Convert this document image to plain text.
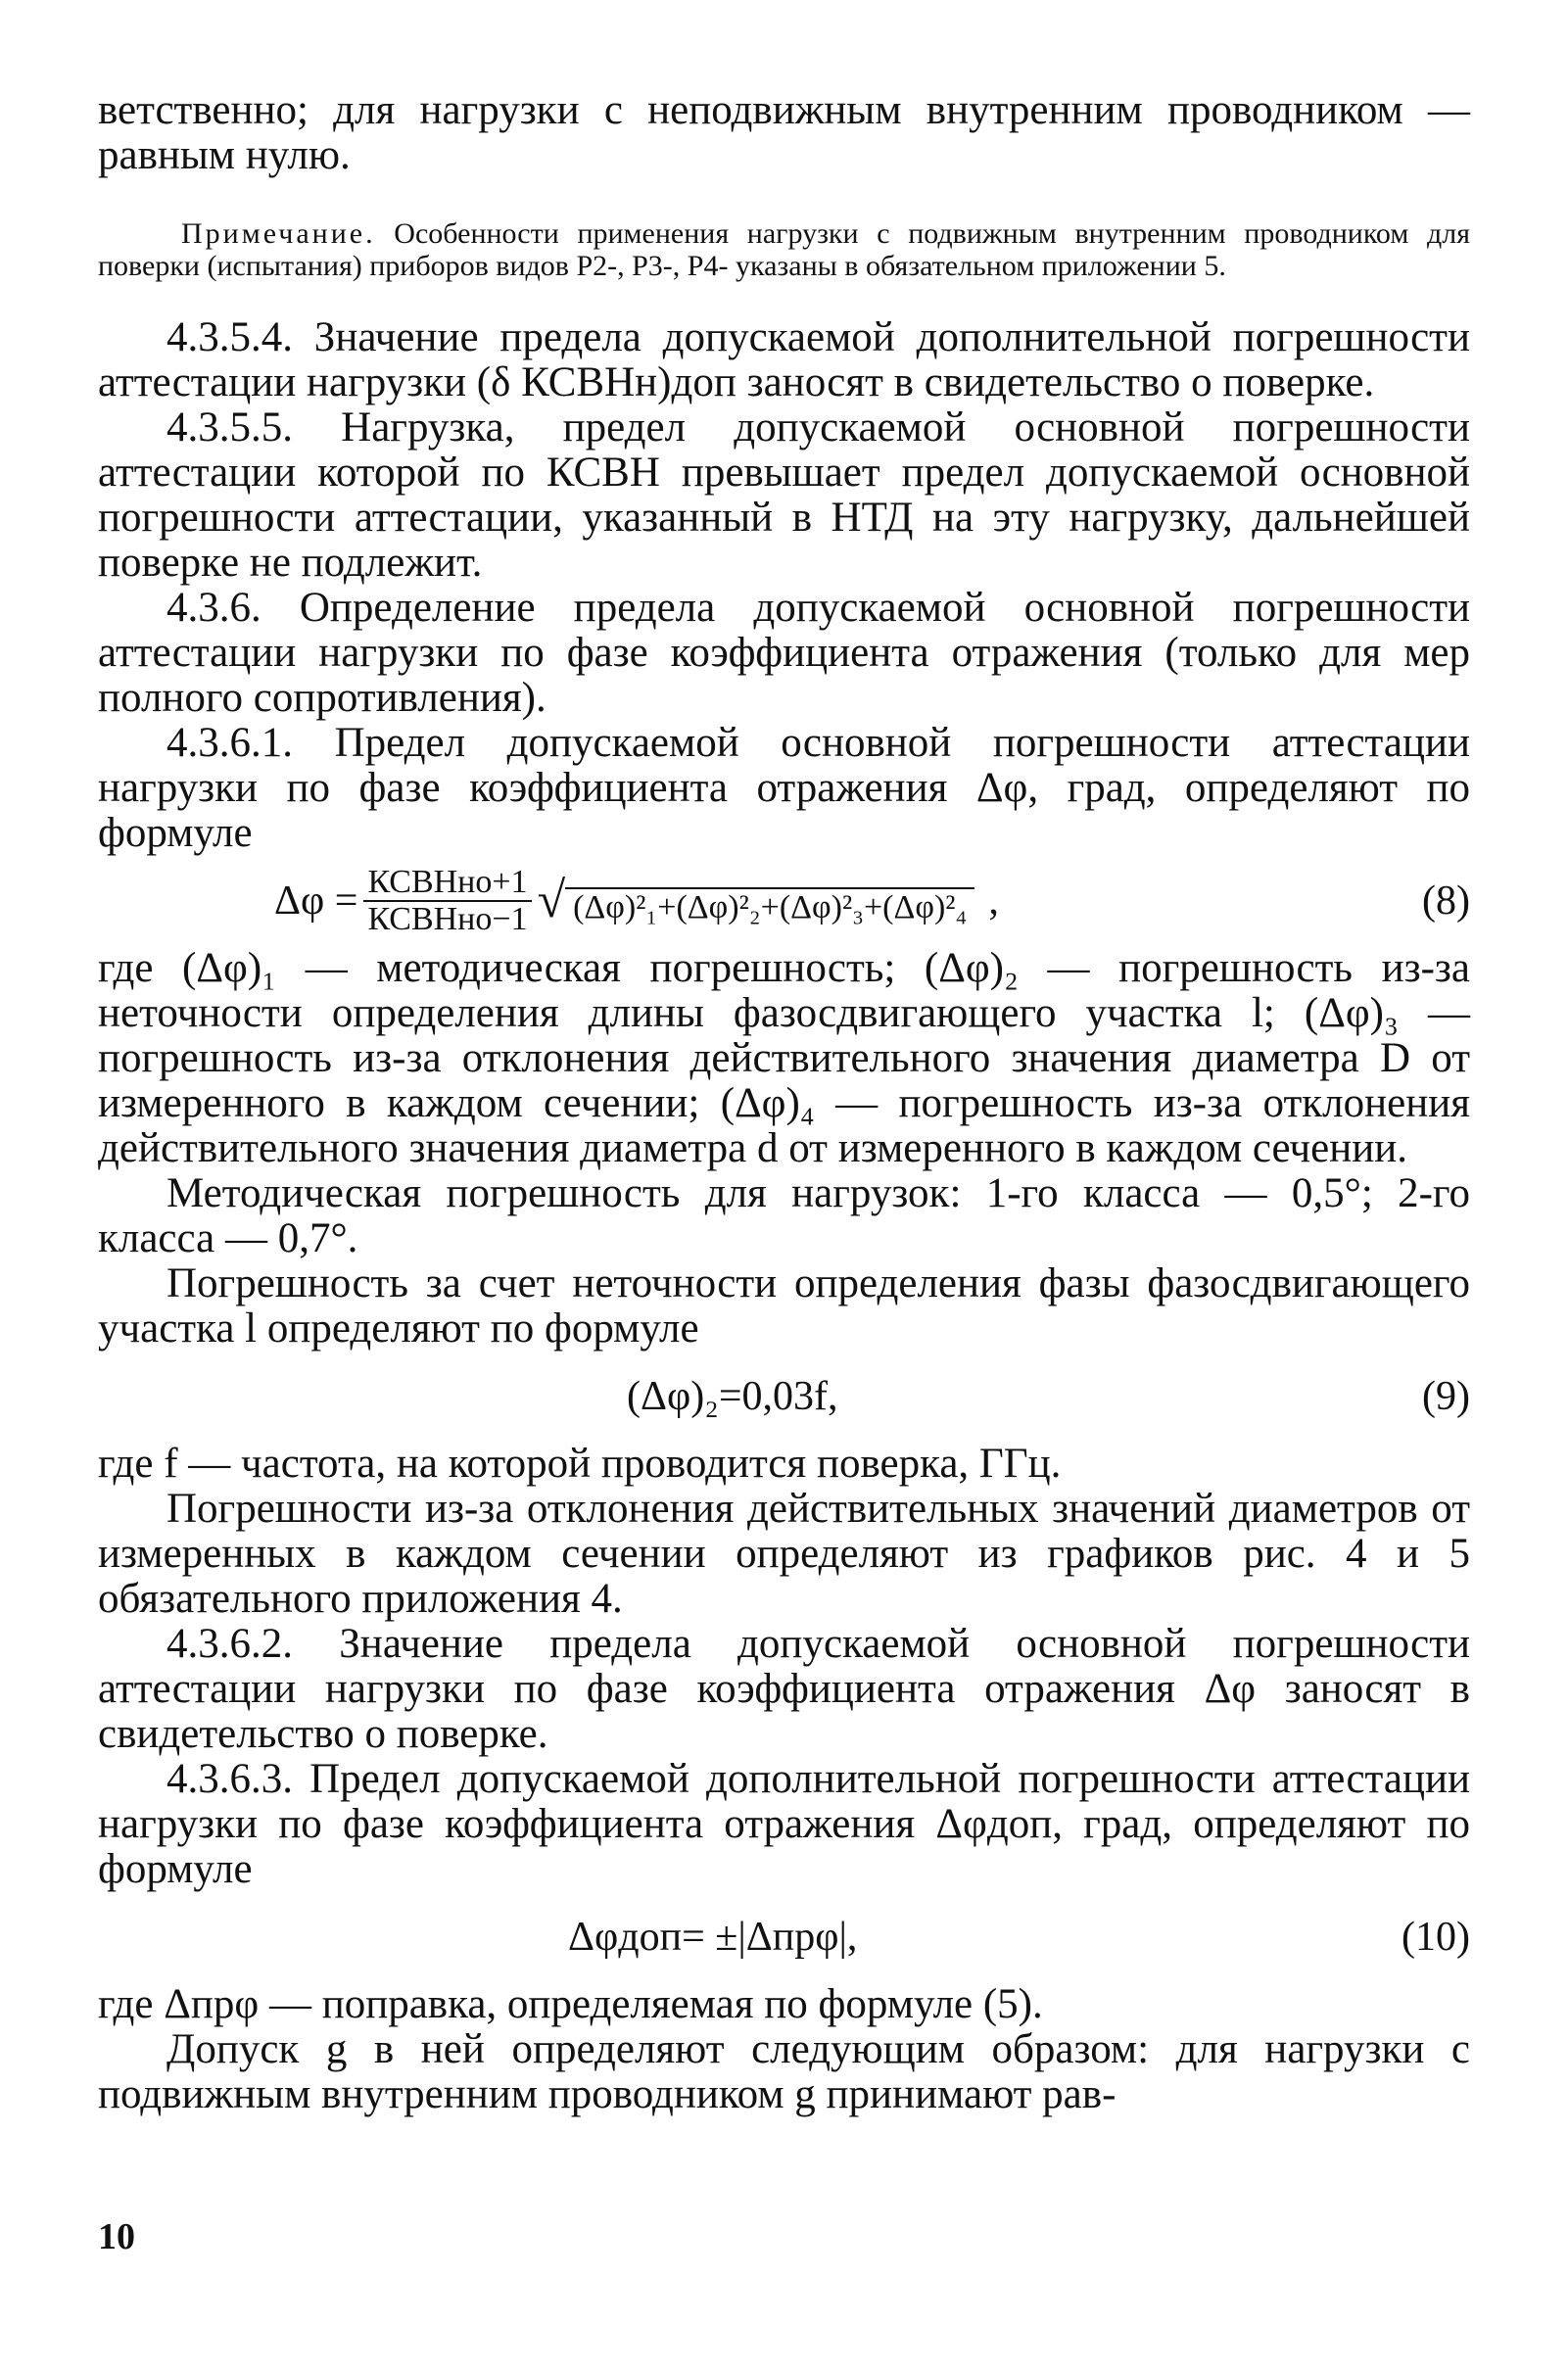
ветственно; для нагрузки с неподвижным внутренним проводником — равным нулю.

Примечание. Особенности применения нагрузки с подвижным внутренним проводником для поверки (испытания) приборов видов Р2-, Р3-, Р4- указаны в обязательном приложении 5.

4.3.5.4. Значение предела допускаемой дополнительной погрешности аттестации нагрузки (δ КСВНн)доп заносят в свидетельство о поверке.

4.3.5.5. Нагрузка, предел допускаемой основной погрешности аттестации которой по КСВН превышает предел допускаемой основной погрешности аттестации, указанный в НТД на эту нагрузку, дальнейшей поверке не подлежит.

4.3.6. Определение предела допускаемой основной погрешности аттестации нагрузки по фазе коэффициента отражения (только для мер полного сопротивления).

4.3.6.1. Предел допускаемой основной погрешности аттестации нагрузки по фазе коэффициента отражения Δφ, град, определяют по формуле

$\Delta\varphi = \frac{\text{КСВНно+1}}{\text{КСВНно−1}}$ √ (Δφ)²₁+(Δφ)²₂+(Δφ)²₃+(Δφ)²₄ ,	(8)

где (Δφ)₁ — методическая погрешность; (Δφ)₂ — погрешность из-за неточности определения длины фазосдвигающего участка l; (Δφ)₃ — погрешность из-за отклонения действительного значения диаметра D от измеренного в каждом сечении; (Δφ)₄ — погрешность из-за отклонения действительного значения диаметра d от измеренного в каждом сечении.

Методическая погрешность для нагрузок: 1-го класса — 0,5°; 2-го класса — 0,7°.

Погрешность за счет неточности определения фазы фазосдвигающего участка l определяют по формуле

(Δφ)₂=0,03f,	(9)

где f — частота, на которой проводится поверка, ГГц.

Погрешности из-за отклонения действительных значений диаметров от измеренных в каждом сечении определяют из графиков рис. 4 и 5 обязательного приложения 4.

4.3.6.2. Значение предела допускаемой основной погрешности аттестации нагрузки по фазе коэффициента отражения Δφ заносят в свидетельство о поверке.

4.3.6.3. Предел допускаемой дополнительной погрешности аттестации нагрузки по фазе коэффициента отражения Δφдоп, град, определяют по формуле

Δφдоп= ±|Δпрφ|,	(10)

где Δпрφ — поправка, определяемая по формуле (5).

Допуск g в ней определяют следующим образом: для нагрузки с подвижным внутренним проводником g принимают рав-

10
